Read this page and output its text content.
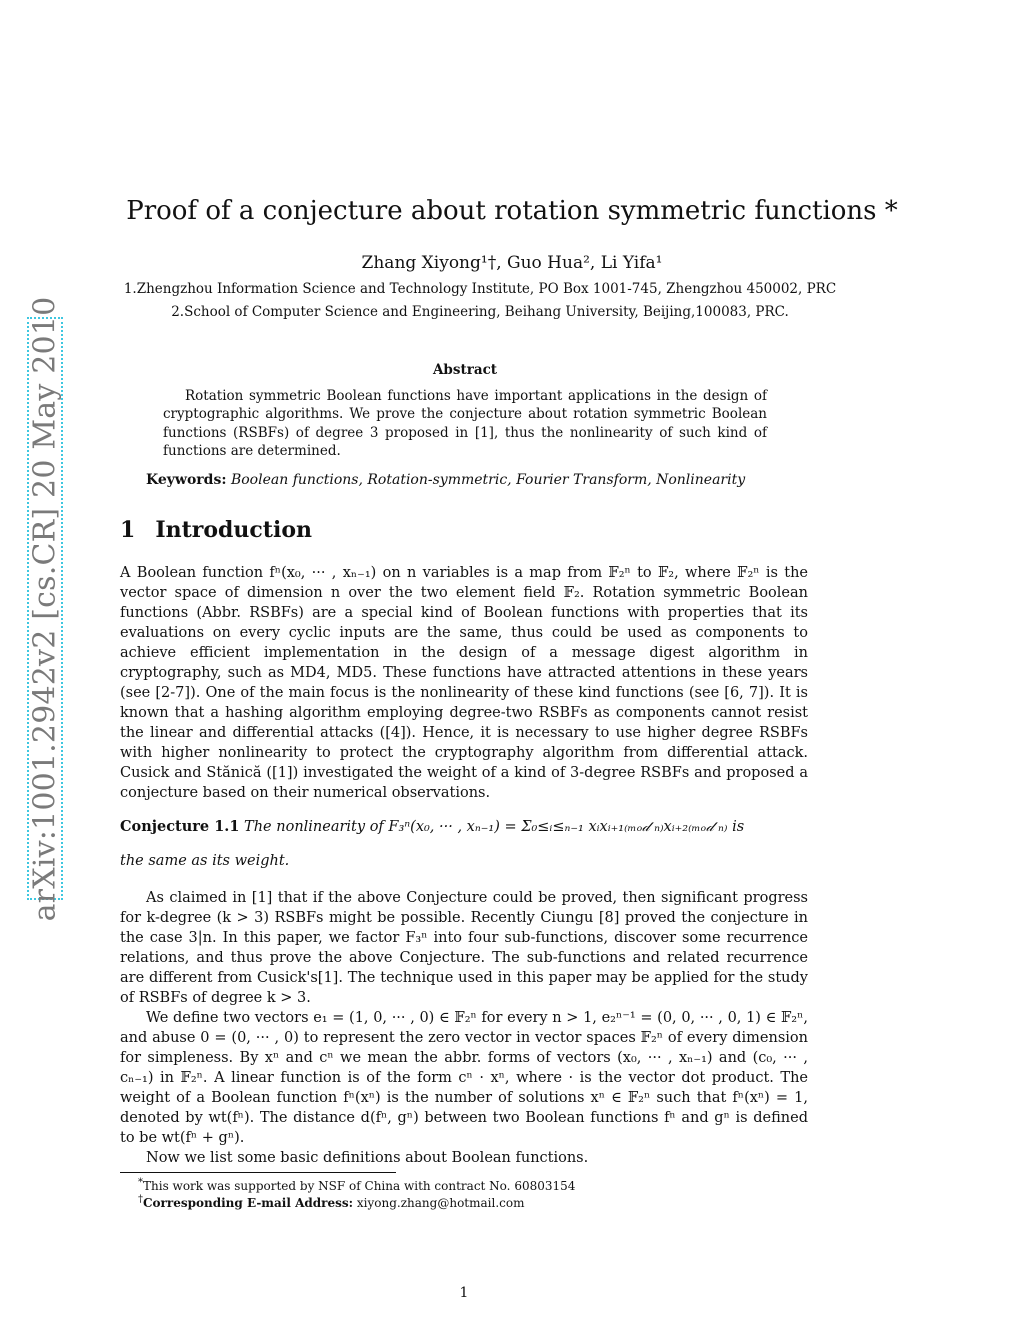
arXiv:1001.2942v2 [cs.CR] 20 May 2010
Proof of a conjecture about rotation symmetric functions *
Zhang Xiyong¹†, Guo Hua², Li Yifa¹
1.Zhengzhou Information Science and Technology Institute, PO Box 1001-745, Zhengzhou 450002, PRC
2.School of Computer Science and Engineering, Beihang University, Beijing,100083, PRC.
Abstract

Rotation symmetric Boolean functions have important applications in the design of cryptographic algorithms. We prove the conjecture about rotation symmetric Boolean functions (RSBFs) of degree 3 proposed in [1], thus the nonlinearity of such kind of functions are determined.

Keywords: Boolean functions, Rotation-symmetric, Fourier Transform, Nonlinearity
1 Introduction

A Boolean function fⁿ(x₀, ··· , xₙ₋₁) on n variables is a map from 𝔽₂ⁿ to 𝔽₂, where 𝔽₂ⁿ is the vector space of dimension n over the two element field 𝔽₂. Rotation symmetric Boolean functions (Abbr. RSBFs) are a special kind of Boolean functions with properties that its evaluations on every cyclic inputs are the same, thus could be used as components to achieve efficient implementation in the design of a message digest algorithm in cryptography, such as MD4, MD5. These functions have attracted attentions in these years (see [2-7]). One of the main focus is the nonlinearity of these kind functions (see [6, 7]). It is known that a hashing algorithm employing degree-two RSBFs as components cannot resist the linear and differential attacks ([4]). Hence, it is necessary to use higher degree RSBFs with higher nonlinearity to protect the cryptography algorithm from differential attack. Cusick and Stănică ([1]) investigated the weight of a kind of 3-degree RSBFs and proposed a conjecture based on their numerical observations.

Conjecture 1.1 The nonlinearity of F₃ⁿ(x₀, ··· , xₙ₋₁) = Σ₀≤ᵢ≤ₙ₋₁ xᵢxᵢ₊₁₍ₘₒ𝒹 ₙ₎xᵢ₊₂₍ₘₒ𝒹 ₙ₎ is
the same as its weight.

As claimed in [1] that if the above Conjecture could be proved, then significant progress for k-degree (k > 3) RSBFs might be possible. Recently Ciungu [8] proved the conjecture in the case 3|n. In this paper, we factor F₃ⁿ into four sub-functions, discover some recurrence relations, and thus prove the above Conjecture. The sub-functions and related recurrence are different from Cusick's[1]. The technique used in this paper may be applied for the study of RSBFs of degree k > 3.

We define two vectors e₁ = (1, 0, ··· , 0) ∈ 𝔽₂ⁿ for every n > 1, e₂ⁿ⁻¹ = (0, 0, ··· , 0, 1) ∈ 𝔽₂ⁿ, and abuse 0 = (0, ··· , 0) to represent the zero vector in vector spaces 𝔽₂ⁿ of every dimension for simpleness. By xⁿ and cⁿ we mean the abbr. forms of vectors (x₀, ··· , xₙ₋₁) and (c₀, ··· , cₙ₋₁) in 𝔽₂ⁿ. A linear function is of the form cⁿ · xⁿ, where · is the vector dot product. The weight of a Boolean function fⁿ(xⁿ) is the number of solutions xⁿ ∈ 𝔽₂ⁿ such that fⁿ(xⁿ) = 1, denoted by wt(fⁿ). The distance d(fⁿ, gⁿ) between two Boolean functions fⁿ and gⁿ is defined to be wt(fⁿ + gⁿ).

Now we list some basic definitions about Boolean functions.

*This work was supported by NSF of China with contract No. 60803154
†Corresponding E-mail Address: xiyong.zhang@hotmail.com
1
